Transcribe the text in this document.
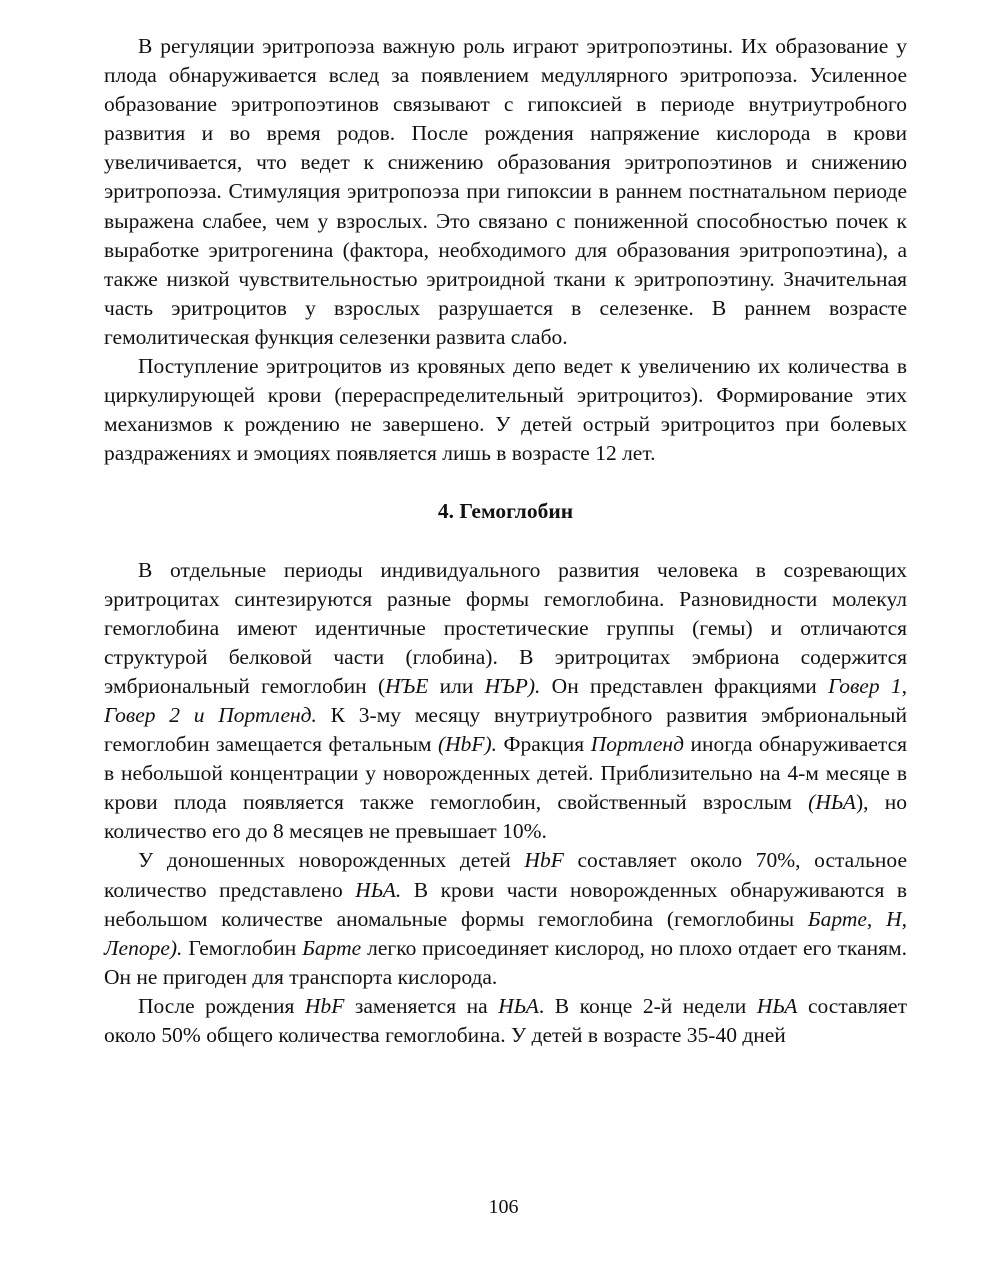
В регуляции эритропоэза важную роль играют эритропоэтины. Их образование у плода обнаруживается вслед за появлением медуллярного эритропоэза. Усиленное образование эритропоэтинов связывают с гипоксией в периоде внутриутробного развития и во время родов. После рождения напряжение кислорода в крови увеличивается, что ведет к снижению образования эритропоэтинов и снижению эритропоэза. Стимуляция эритропоэза при гипоксии в раннем постнатальном периоде выражена слабее, чем у взрослых. Это связано с пониженной способностью почек к выработке эритрогенина (фактора, необходимого для образования эритропоэтина), а также низкой чувствительностью эритроидной ткани к эритропоэтину. Значительная часть эритроцитов у взрослых разрушается в селезенке. В раннем возрасте гемолитическая функция селезенки развита слабо.

Поступление эритроцитов из кровяных депо ведет к увеличению их количества в циркулирующей крови (перераспределительный эритроцитоз). Формирование этих механизмов к рождению не завершено. У детей острый эритроцитоз при болевых раздражениях и эмоциях появляется лишь в возрасте 12 лет.

4. Гемоглобин

В отдельные периоды индивидуального развития человека в созревающих эритроцитах синтезируются разные формы гемоглобина. Разновидности молекул гемоглобина имеют идентичные простетические группы (гемы) и отличаются структурой белковой части (глобина). В эритроцитах эмбриона содержится эмбриональный гемоглобин (НЪЕ или НЪР). Он представлен фракциями Говер 1, Говер 2 и Портленд. К 3-му месяцу внутриутробного развития эмбриональный гемоглобин замещается фетальным (HbF). Фракция Портленд иногда обнаруживается в небольшой концентрации у новорожденных детей. Приблизительно на 4-м месяце в крови плода появляется также гемоглобин, свойственный взрослым (НЬА), но количество его до 8 месяцев не превышает 10%.

У доношенных новорожденных детей HbF составляет около 70%, остальное количество представлено НЬА. В крови части новорожденных обнаруживаются в небольшом количестве аномальные формы гемоглобина (гемоглобины Барте, Н, Лепоре). Гемоглобин Барте легко присоединяет кислород, но плохо отдает его тканям. Он не пригоден для транспорта кислорода.

После рождения HbF заменяется на НЬА. В конце 2-й недели НЬА составляет около 50% общего количества гемоглобина. У детей в возрасте 35-40 дней

106
